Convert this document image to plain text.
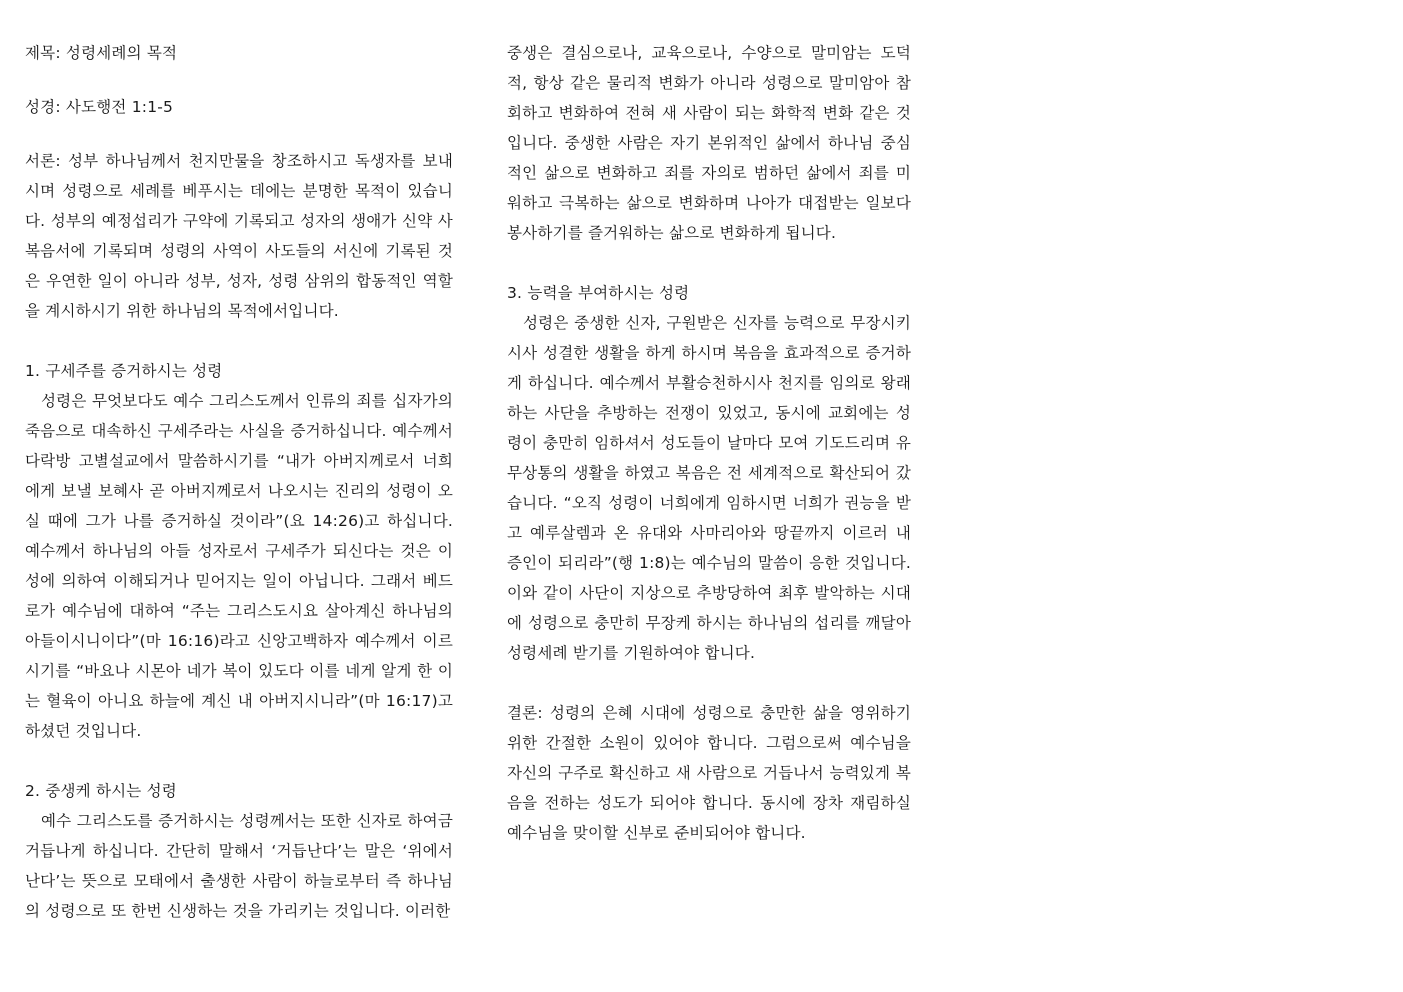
제목: 성령세례의 목적

성경: 사도행전 1:1-5

서론: 성부 하나님께서 천지만물을 창조하시고 독생자를 보내시며 성령으로 세례를 베푸시는 데에는 분명한 목적이 있습니다. 성부의 예정섭리가 구약에 기록되고 성자의 생애가 신약 사복음서에 기록되며 성령의 사역이 사도들의 서신에 기록된 것은 우연한 일이 아니라 성부, 성자, 성령 삼위의 합동적인 역할을 계시하시기 위한 하나님의 목적에서입니다.

1. 구세주를 증거하시는 성령

성령은 무엇보다도 예수 그리스도께서 인류의 죄를 십자가의 죽음으로 대속하신 구세주라는 사실을 증거하십니다. 예수께서 다락방 고별설교에서 말씀하시기를 “내가 아버지께로서 너희에게 보낼 보혜사 곧 아버지께로서 나오시는 진리의 성령이 오실 때에 그가 나를 증거하실 것이라”(요 14:26)고 하십니다. 예수께서 하나님의 아들 성자로서 구세주가 되신다는 것은 이성에 의하여 이해되거나 믿어지는 일이 아닙니다. 그래서 베드로가 예수님에 대하여 “주는 그리스도시요 살아계신 하나님의 아들이시니이다”(마 16:16)라고 신앙고백하자 예수께서 이르시기를 “바요나 시몬아 네가 복이 있도다 이를 네게 알게 한 이는 혈육이 아니요 하늘에 계신 내 아버지시니라”(마 16:17)고 하셨던 것입니다.

2. 중생케 하시는 성령

예수 그리스도를 증거하시는 성령께서는 또한 신자로 하여금 거듭나게 하십니다. 간단히 말해서 ‘거듭난다’는 말은 ‘위에서 난다’는 뜻으로 모태에서 출생한 사람이 하늘로부터 즉 하나님의 성령으로 또 한번 신생하는 것을 가리키는 것입니다. 이러한

중생은 결심으로나, 교육으로나, 수양으로 말미암는 도덕적, 항상 같은 물리적 변화가 아니라 성령으로 말미암아 참회하고 변화하여 전혀 새 사람이 되는 화학적 변화 같은 것입니다. 중생한 사람은 자기 본위적인 삶에서 하나님 중심적인 삶으로 변화하고 죄를 자의로 범하던 삶에서 죄를 미워하고 극복하는 삶으로 변화하며 나아가 대접받는 일보다 봉사하기를 즐거워하는 삶으로 변화하게 됩니다.

3. 능력을 부여하시는 성령

성령은 중생한 신자, 구원받은 신자를 능력으로 무장시키시사 성결한 생활을 하게 하시며 복음을 효과적으로 증거하게 하십니다. 예수께서 부활승천하시사 천지를 임의로 왕래하는 사단을 추방하는 전쟁이 있었고, 동시에 교회에는 성령이 충만히 임하셔서 성도들이 날마다 모여 기도드리며 유무상통의 생활을 하였고 복음은 전 세계적으로 확산되어 갔습니다. “오직 성령이 너희에게 임하시면 너희가 권능을 받고 예루살렘과 온 유대와 사마리아와 땅끝까지 이르러 내 증인이 되리라”(행 1:8)는 예수님의 말씀이 응한 것입니다. 이와 같이 사단이 지상으로 추방당하여 최후 발악하는 시대에 성령으로 충만히 무장케 하시는 하나님의 섭리를 깨달아 성령세례 받기를 기원하여야 합니다.

결론: 성령의 은혜 시대에 성령으로 충만한 삶을 영위하기 위한 간절한 소원이 있어야 합니다. 그럼으로써 예수님을 자신의 구주로 확신하고 새 사람으로 거듭나서 능력있게 복음을 전하는 성도가 되어야 합니다. 동시에 장차 재림하실 예수님을 맞이할 신부로 준비되어야 합니다.
